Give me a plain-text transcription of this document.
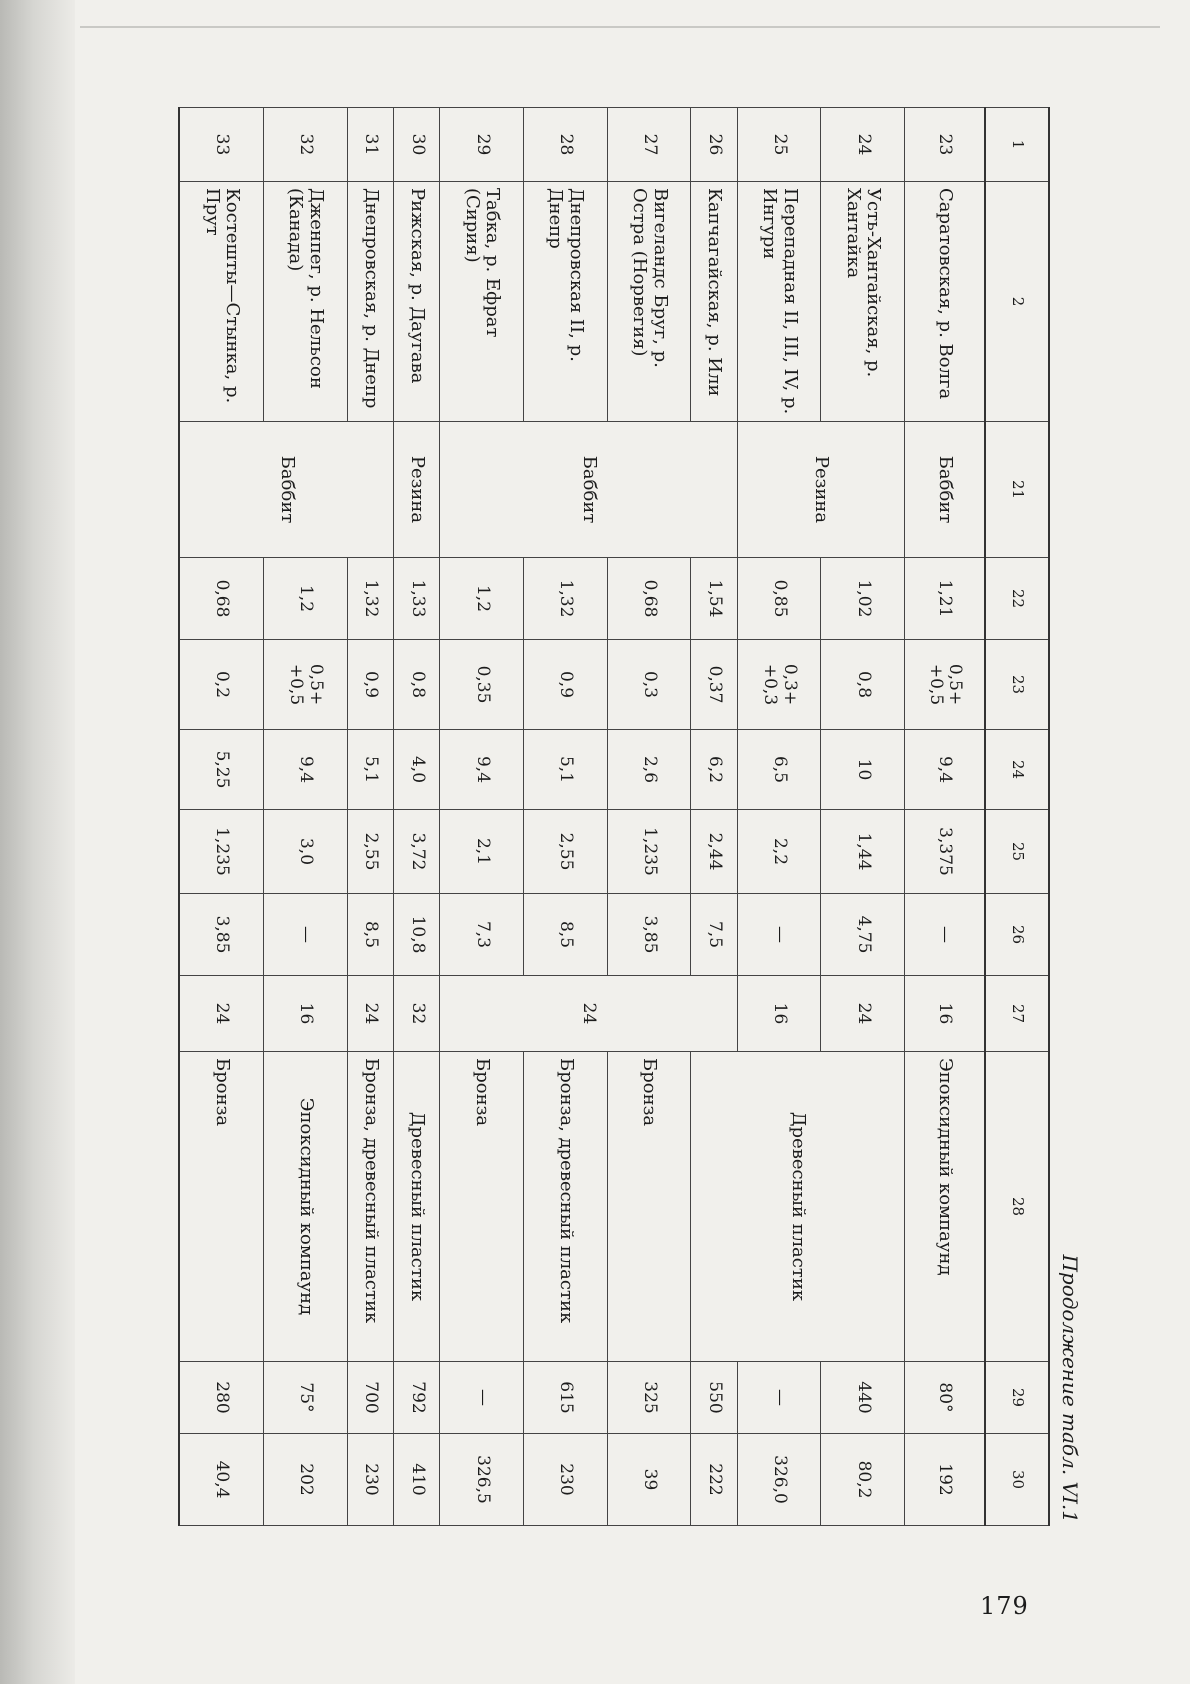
Продолжение табл. VI.1
1	2	21	22	23	24	25	26	27	28	29	30
23	Саратовская, р. Волга	Баббит	1,21	0,5+ +0,5	9,4	3,375	—	16	Эпоксидный компаунд	80°	192
24	Усть-Хантайская, р. Хантайка	Резина	1,02	0,8	10	1,44	4,75	24	Древесный пластик	440	80,2
25	Перепадная II, III, IV, р. Ингури		0,85	0,3+ +0,3	6,5	2,2	—	16		—	326,0
26	Капчагайская, р. Или	Баббит	1,54	0,37	6,2	2,44	7,5	24		550	222
27	Вигеландс Бруг, р. Остра (Норвегия)		0,68	0,3	2,6	1,235	3,85		Бронза	325	39
28	Днепровская II, р. Днепр		1,32	0,9	5,1	2,55	8,5		Бронза, древесный пластик	615	230
29	Табка, р. Ефрат (Сирия)		1,2	0,35	9,4	2,1	7,3		Бронза	—	326,5
30	Рижская, р. Даугава	Резина	1,33	0,8	4,0	3,72	10,8	32	Древесный пластик	792	410
31	Днепровская, р. Днепр	Баббит	1,32	0,9	5,1	2,55	8,5	24	Бронза, древесный пластик	700	230
32	Дженпег, р. Нельсон (Канада)		1,2	0,5+ +0,5	9,4	3,0	—	16	Эпоксидный компаунд	75°	202
33	Костешты—Стынка, р. Прут		0,68	0,2	5,25	1,235	3,85	24	Бронза	280	40,4
179
